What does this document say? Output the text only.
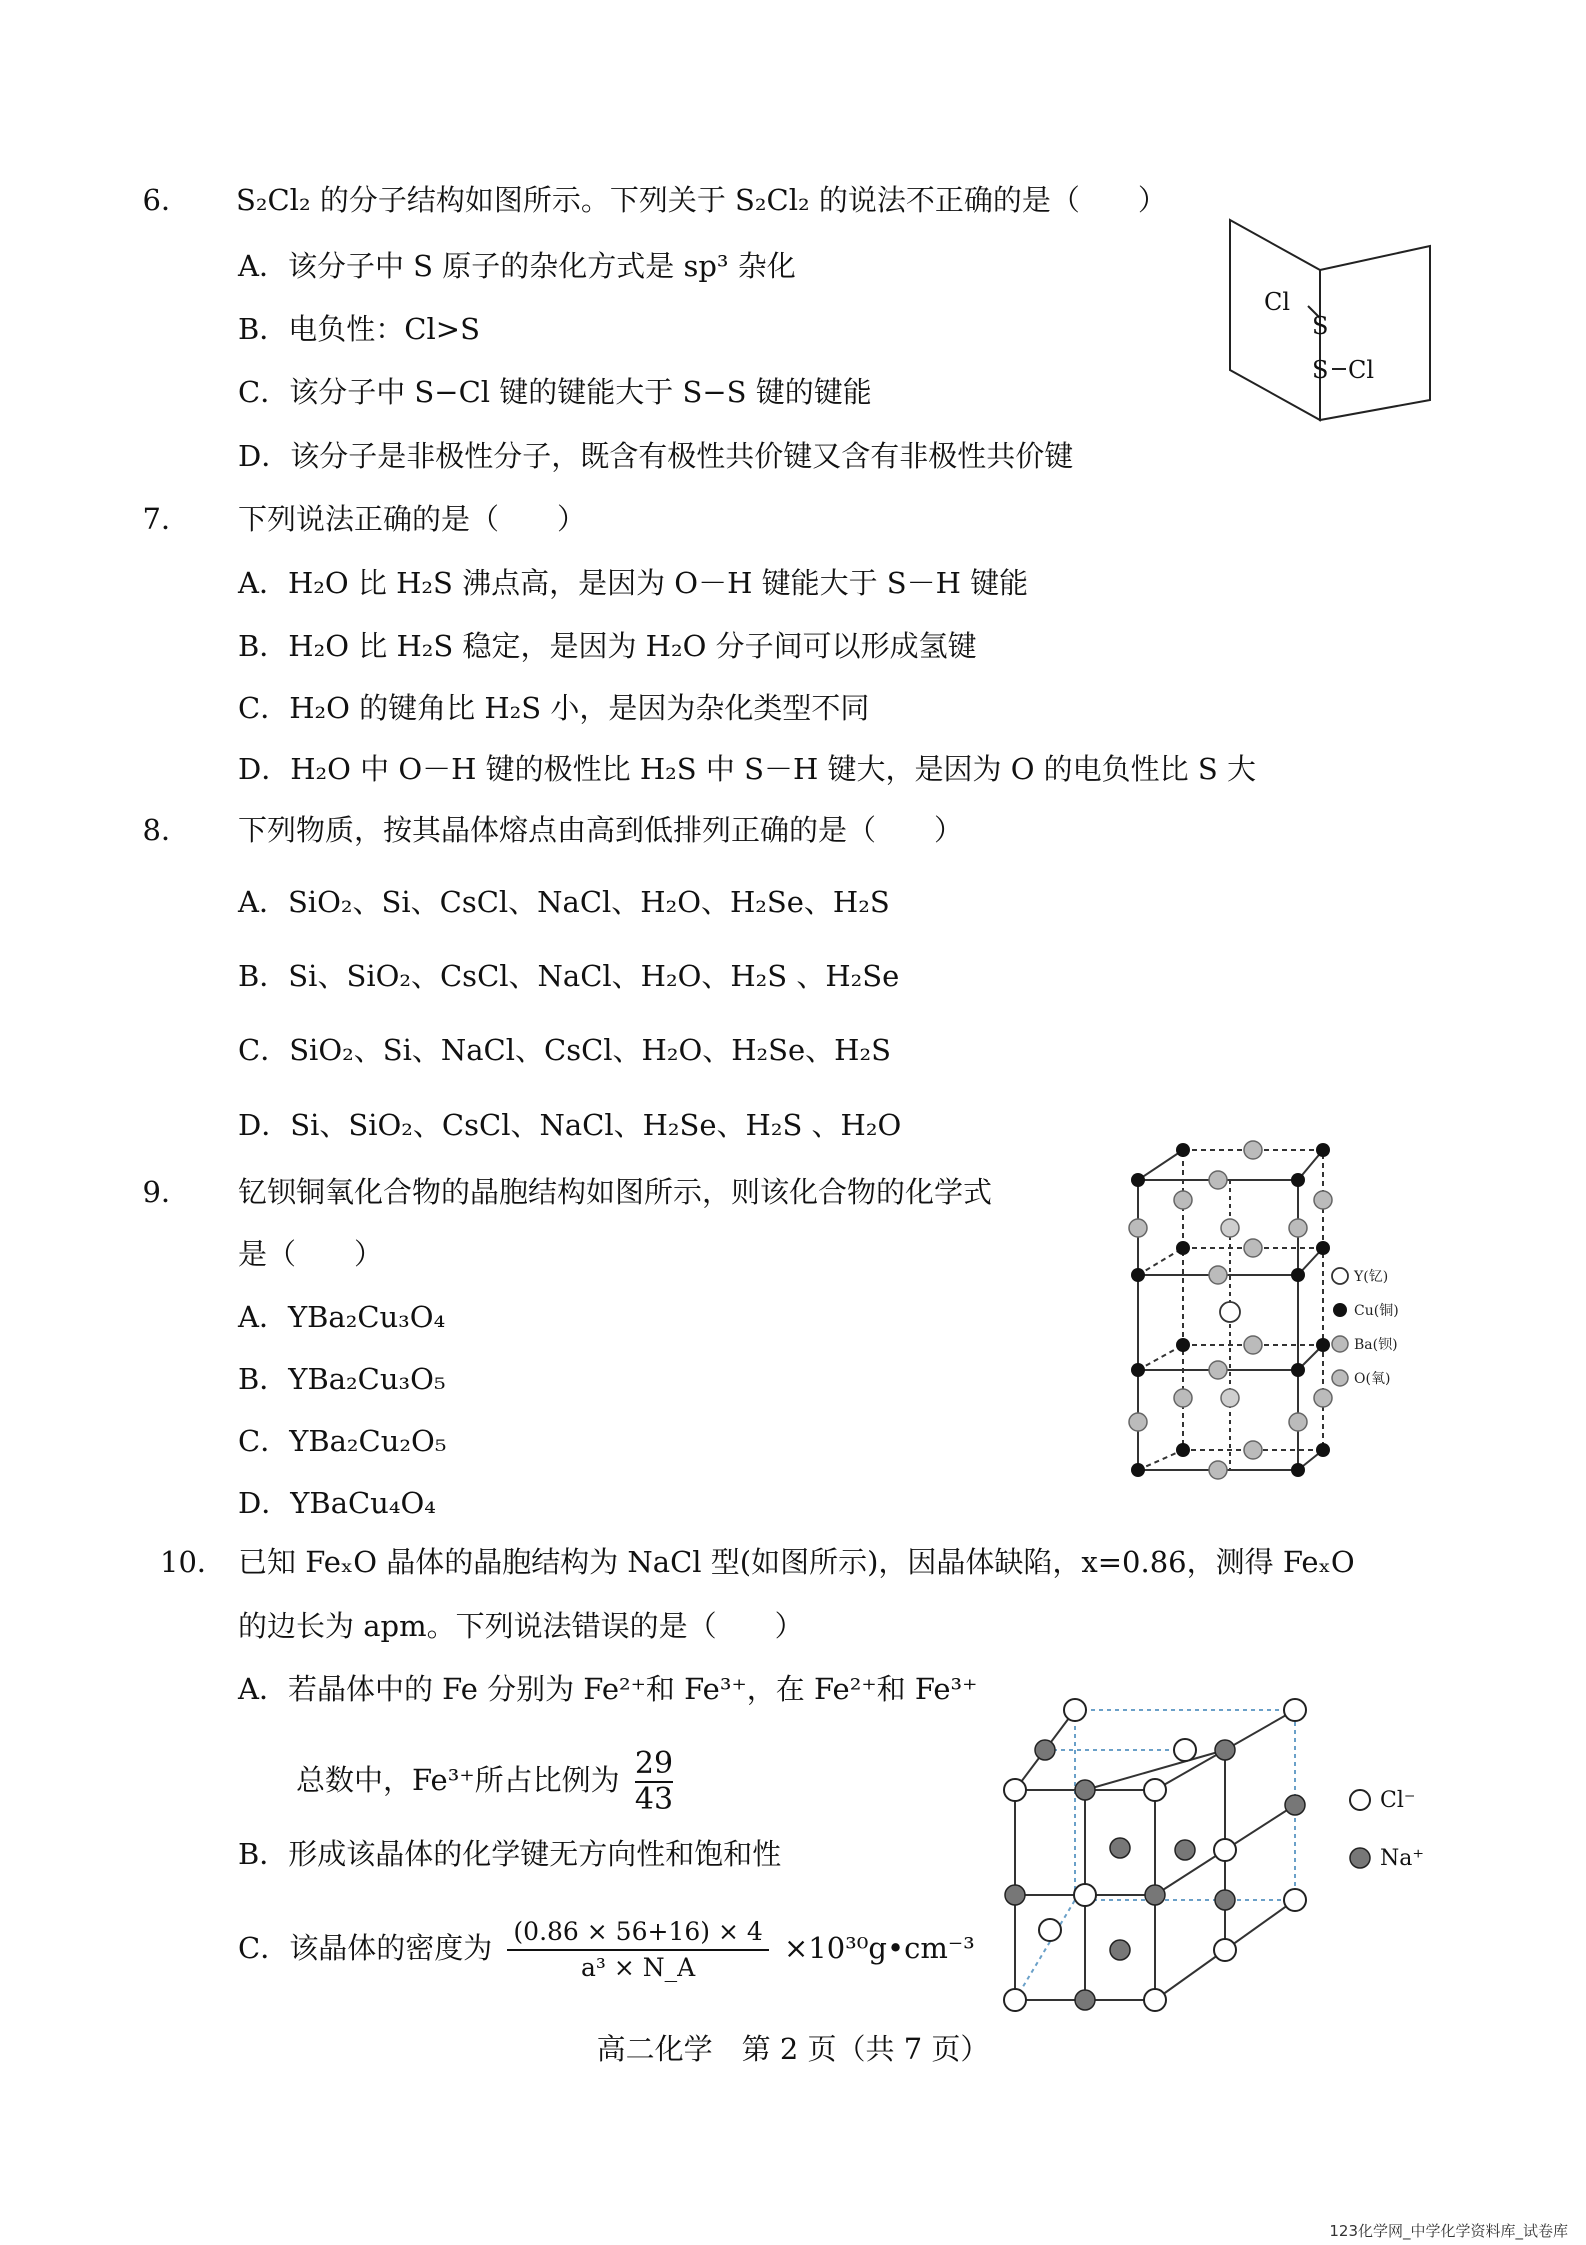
6． S₂Cl₂ 的分子结构如图所示。下列关于 S₂Cl₂ 的说法不正确的是（　　）
A．该分子中 S 原子的杂化方式是 sp³ 杂化
B．电负性：Cl>S
C．该分子中 S−Cl 键的键能大于 S−S 键的键能
D．该分子是非极性分子，既含有极性共价键又含有非极性共价键
Cl
S
S Cl
7． 下列说法正确的是（　　）
A．H₂O 比 H₂S 沸点高，是因为 O－H 键能大于 S－H 键能
B．H₂O 比 H₂S 稳定，是因为 H₂O 分子间可以形成氢键
C．H₂O 的键角比 H₂S 小，是因为杂化类型不同
D．H₂O 中 O－H 键的极性比 H₂S 中 S－H 键大，是因为 O 的电负性比 S 大
8． 下列物质，按其晶体熔点由高到低排列正确的是（　　）
A．SiO₂、Si、CsCl、NaCl、H₂O、H₂Se、H₂S
B．Si、SiO₂、CsCl、NaCl、H₂O、H₂S 、H₂Se
C．SiO₂、Si、NaCl、CsCl、H₂O、H₂Se、H₂S
D．Si、SiO₂、CsCl、NaCl、H₂Se、H₂S 、H₂O
9． 钇钡铜氧化合物的晶胞结构如图所示，则该化合物的化学式
是（　　）
A．YBa₂Cu₃O₄
B．YBa₂Cu₃O₅
C．YBa₂Cu₂O₅
D．YBaCu₄O₄
Y(钇)
Cu(铜)
Ba(钡)
O(氧)
10． 已知 FeₓO 晶体的晶胞结构为 NaCl 型(如图所示)，因晶体缺陷，x=0.86，测得 FeₓO
的边长为 apm。下列说法错误的是（　　）
A．若晶体中的 Fe 分别为 Fe²⁺和 Fe³⁺，在 Fe²⁺和 Fe³⁺
总数中，Fe³⁺所占比例为 $\frac{29}{43}$
B．形成该晶体的化学键无方向性和饱和性
C．该晶体的密度为 $\frac{(0.86 \times 56+16) \times 4}{\text{a³ × N\_A}}$ ×10³⁰g•cm⁻³
Cl⁻
Na⁺
高二化学　第 2 页（共 7 页）
123化学网_中学化学资料库_试卷库
